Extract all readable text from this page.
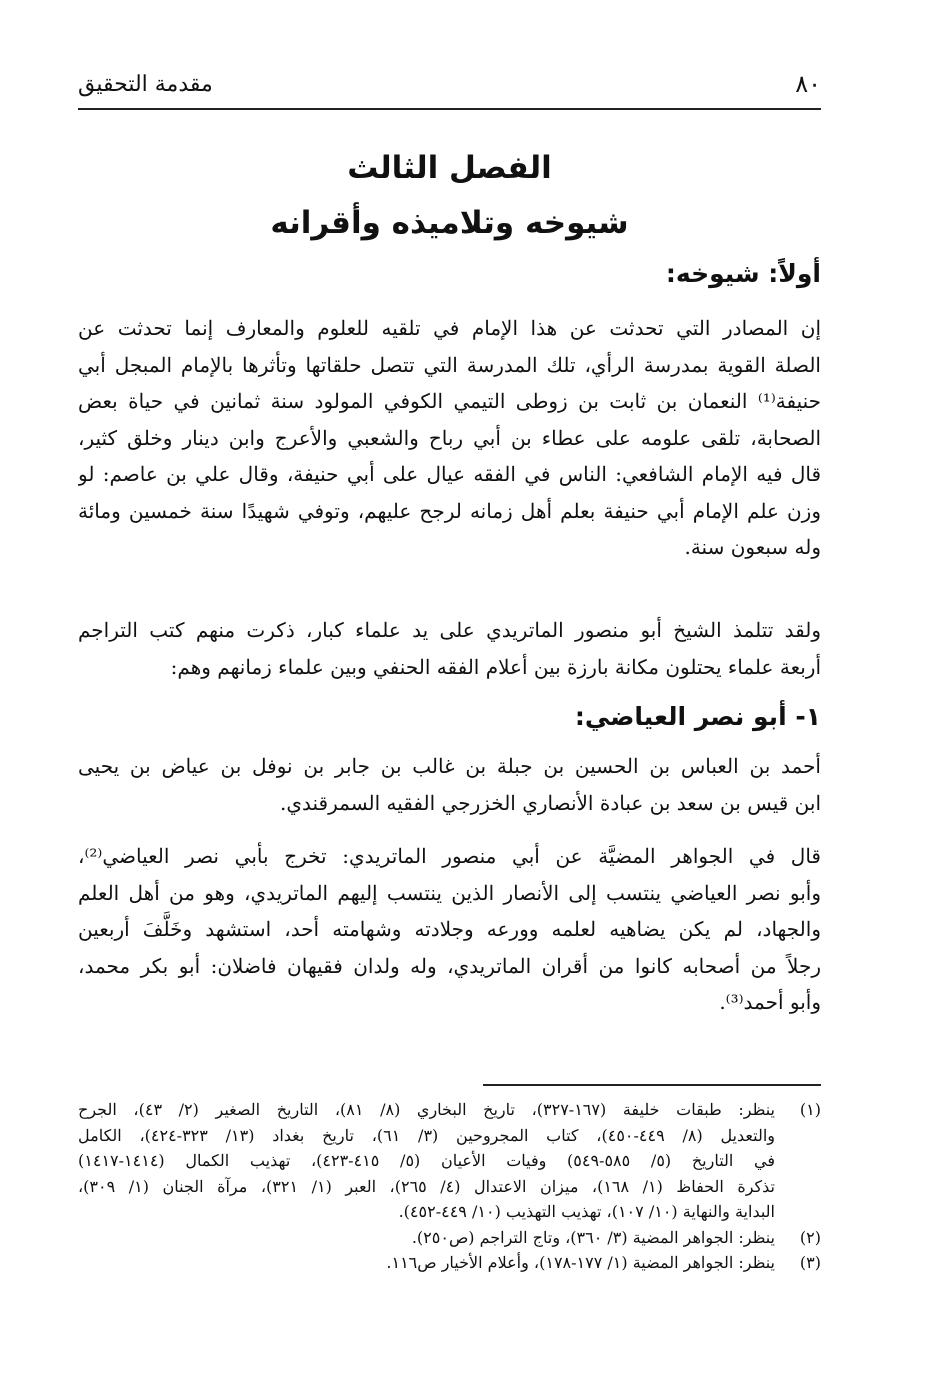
مقدمة التحقيق	٨٠
الفصل الثالث
شيوخه وتلاميذه وأقرانه
أولاً: شيوخه:
إن المصادر التي تحدثت عن هذا الإمام في تلقيه للعلوم والمعارف إنما تحدثت عن
الصلة القوية بمدرسة الرأي، تلك المدرسة التي تتصل حلقاتها وتأثرها بالإمام المبجل أبي
حنيفة⁽¹⁾ النعمان بن ثابت بن زوطى التيمي الكوفي المولود سنة ثمانين في حياة بعض
الصحابة، تلقى علومه على عطاء بن أبي رباح والشعبي والأعرج وابن دينار وخلق كثير،
قال فيه الإمام الشافعي: الناس في الفقه عيال على أبي حنيفة، وقال علي بن عاصم: لو
وزن علم الإمام أبي حنيفة بعلم أهل زمانه لرجح عليهم، وتوفي شهيدًا سنة خمسين ومائة
وله سبعون سنة.
ولقد تتلمذ الشيخ أبو منصور الماتريدي على يد علماء كبار، ذكرت منهم كتب التراجم
أربعة علماء يحتلون مكانة بارزة بين أعلام الفقه الحنفي وبين علماء زمانهم وهم:
١- أبو نصر العياضي:
أحمد بن العباس بن الحسين بن جبلة بن غالب بن جابر بن نوفل بن عياض بن يحيى
ابن قيس بن سعد بن عبادة الأنصاري الخزرجي الفقيه السمرقندي.
قال في الجواهر المضيَّة عن أبي منصور الماتريدي: تخرج بأبي نصر العياضي⁽²⁾،
وأبو نصر العياضي ينتسب إلى الأنصار الذين ينتسب إليهم الماتريدي، وهو من أهل العلم
والجهاد، لم يكن يضاهيه لعلمه وورعه وجلادته وشهامته أحد، استشهد وخَلَّفَ أربعين
رجلاً من أصحابه كانوا من أقران الماتريدي، وله ولدان فقيهان فاضلان: أبو بكر محمد،
وأبو أحمد⁽³⁾.
(١)
ينظر: طبقات خليفة (١٦٧-٣٢٧)، تاريخ البخاري (٨/ ٨١)، التاريخ الصغير (٢/ ٤٣)، الجرح
والتعديل (٨/ ٤٤٩-٤٥٠)، كتاب المجروحين (٣/ ٦١)، تاريخ بغداد (١٣/ ٣٢٣-٤٢٤)، الكامل
في التاريخ (٥/ ٥٨٥-٥٤٩) وفيات الأعيان (٥/ ٤١٥-٤٢٣)، تهذيب الكمال (١٤١٤-١٤١٧)
تذكرة الحفاظ (١/ ١٦٨)، ميزان الاعتدال (٤/ ٢٦٥)، العبر (١/ ٣٢١)، مرآة الجنان (١/ ٣٠٩)،
البداية والنهاية (١٠/ ١٠٧)، تهذيب التهذيب (١٠/ ٤٤٩-٤٥٢).
(٢)
ينظر: الجواهر المضية (٣/ ٣٦٠)، وتاج التراجم (ص٢٥٠).
(٣)
ينظر: الجواهر المضية (١/ ١٧٧-١٧٨)، وأعلام الأخيار ص١١٦.
